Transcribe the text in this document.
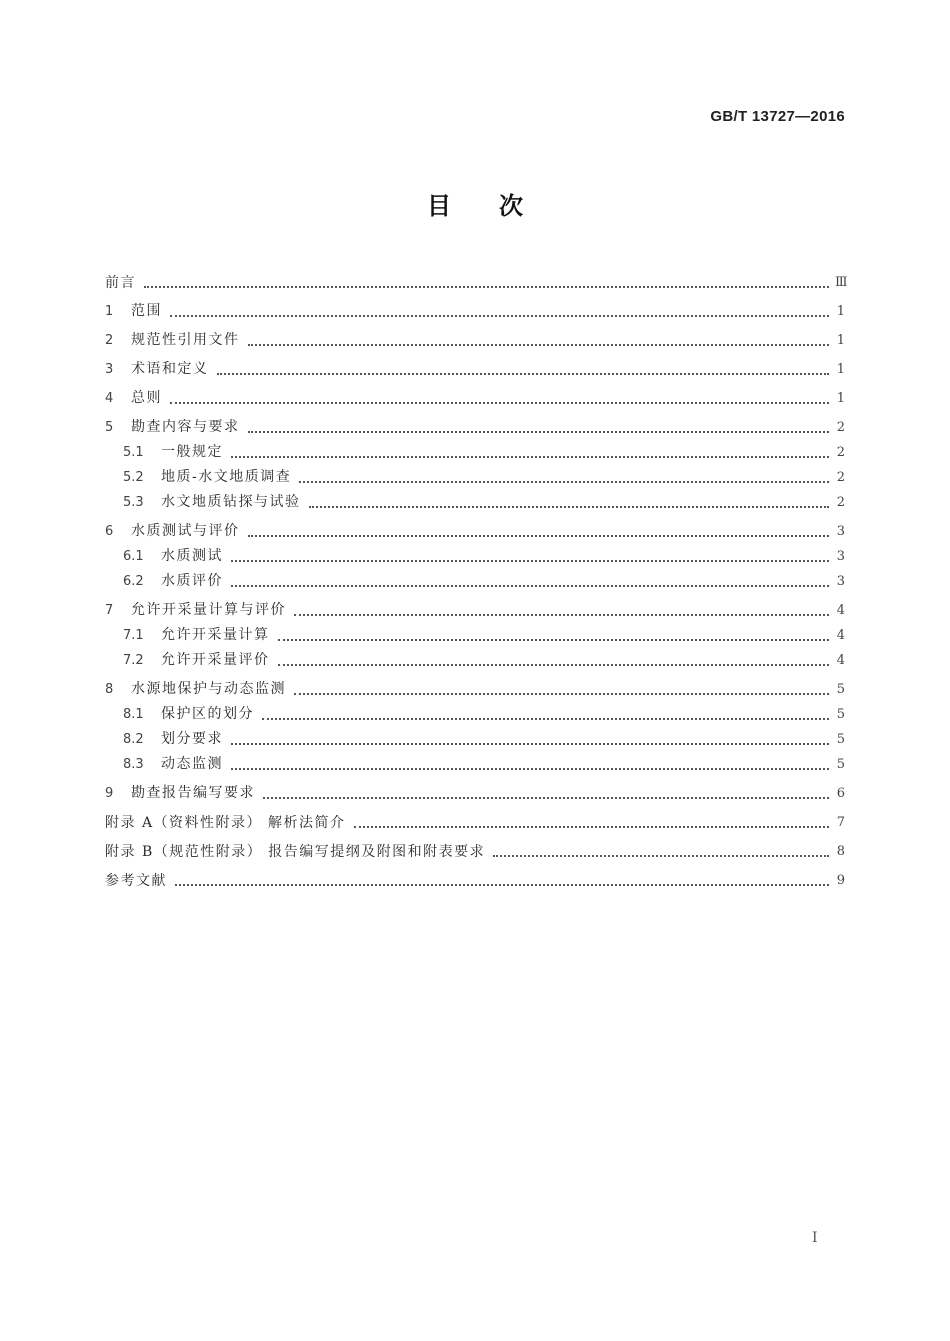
GB/T 13727—2016
目 次
前言	Ⅲ
1 范围	1
2 规范性引用文件	1
3 术语和定义	1
4 总则	1
5 勘查内容与要求	2
5.1 一般规定	2
5.2 地质-水文地质调查	2
5.3 水文地质钻探与试验	2
6 水质测试与评价	3
6.1 水质测试	3
6.2 水质评价	3
7 允许开采量计算与评价	4
7.1 允许开采量计算	4
7.2 允许开采量评价	4
8 水源地保护与动态监测	5
8.1 保护区的划分	5
8.2 划分要求	5
8.3 动态监测	5
9 勘查报告编写要求	6
附录 A（资料性附录） 解析法简介	7
附录 B（规范性附录） 报告编写提纲及附图和附表要求	8
参考文献	9
I
